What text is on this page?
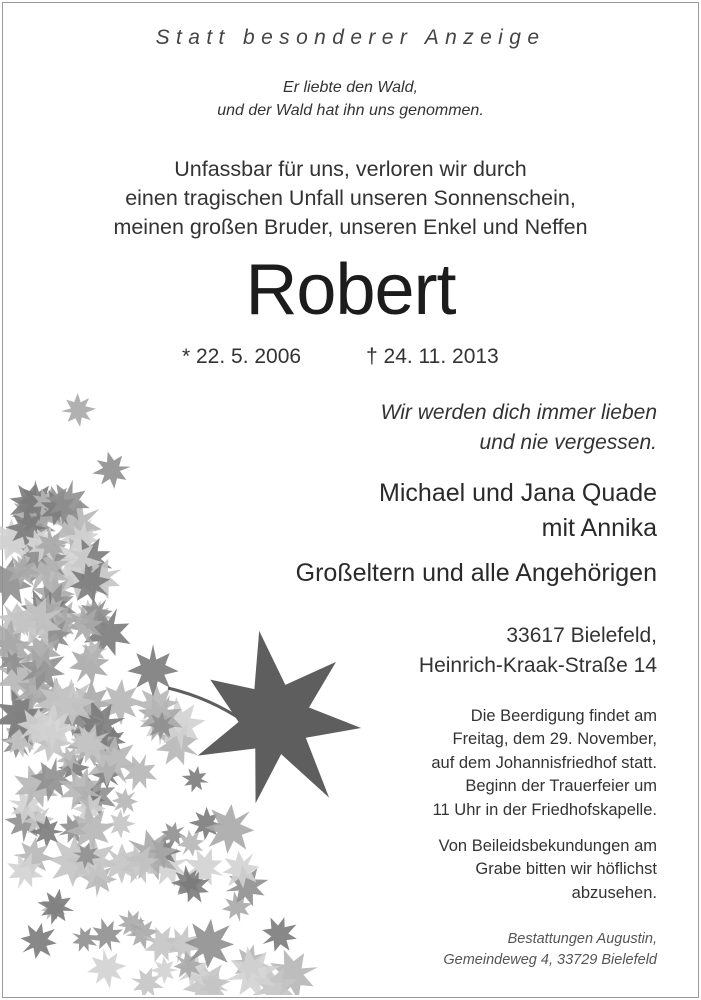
Statt besonderer Anzeige
Er liebte den Wald,
und der Wald hat ihn uns genommen.
Unfassbar für uns, verloren wir durch
einen tragischen Unfall unseren Sonnenschein,
meinen großen Bruder, unseren Enkel und Neffen
Robert
* 22. 5. 2006	† 24. 11. 2013
Wir werden dich immer lieben
und nie vergessen.
Michael und Jana Quade
mit Annika
Großeltern und alle Angehörigen
33617 Bielefeld,
Heinrich-Kraak-Straße 14
Die Beerdigung findet am
Freitag, dem 29. November,
auf dem Johannisfriedhof statt.
Beginn der Trauerfeier um
11 Uhr in der Friedhofskapelle.
Von Beileidsbekundungen am
Grabe bitten wir höflichst
abzusehen.
Bestattungen Augustin,
Gemeindeweg 4, 33729 Bielefeld
